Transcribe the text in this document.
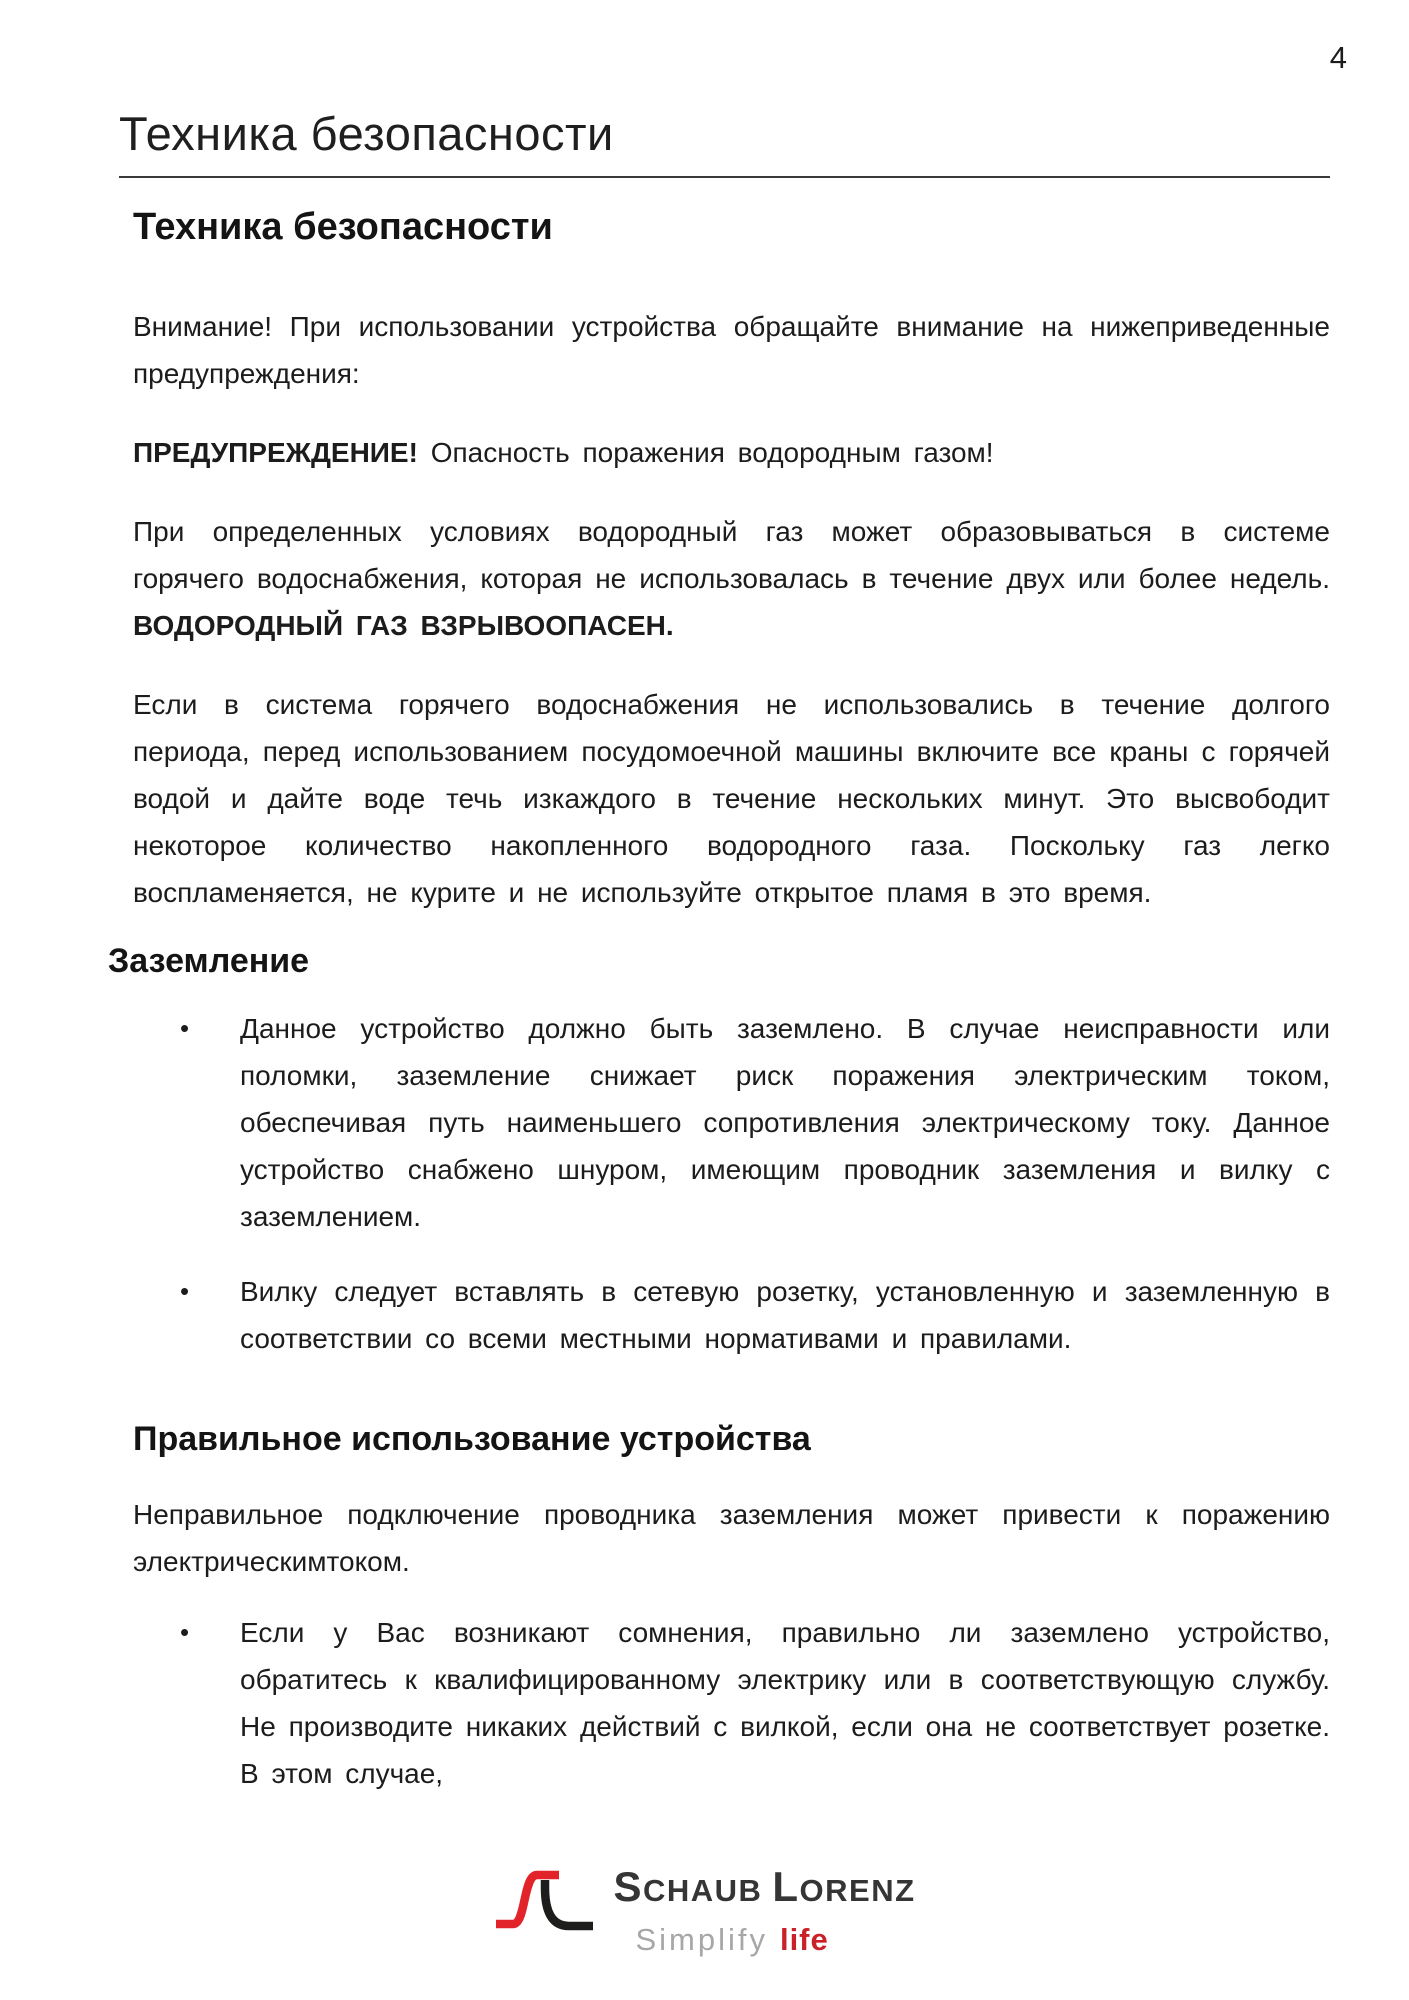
4
Техника безопасности
Техника безопасности

Внимание! При использовании устройства обращайте внимание на нижеприведенные предупреждения:

ПРЕДУПРЕЖДЕНИЕ! Опасность поражения водородным газом!

При определенных условиях водородный газ может образовываться в системе горячего водоснабжения, которая не использовалась в течение двух или более недель. ВОДОРОДНЫЙ ГАЗ ВЗРЫВООПАСЕН.

Если в система горячего водоснабжения не использовались в течение долгого периода, перед использованием посудомоечной машины включите все краны с горячей водой и дайте воде течь изкаждого в течение нескольких минут. Это высвободит некоторое количество накопленного водородного газа. Поскольку газ легко воспламеняется, не курите и не используйте открытое пламя в это время.

Заземление
•	Данное устройство должно быть заземлено. В случае неисправности или поломки, заземление снижает риск поражения электрическим током, обеспечивая путь наименьшего сопротивления электрическому току. Данное устройство снабжено шнуром, имеющим проводник заземления и вилку с заземлением.
•	Вилку следует вставлять в сетевую розетку, установленную и заземленную в соответствии со всеми местными нормативами и правилами.
Правильное использование устройства

Неправильное подключение проводника заземления может привести к поражению электрическимтоком.

•	Если у Вас возникают сомнения, правильно ли заземлено устройство, обратитесь к квалифицированному электрику или в соответствующую службу. Не производите никаких действий с вилкой, если она не соответствует розетке. В этом случае,
SCHAUB LORENZ
Simplify life
